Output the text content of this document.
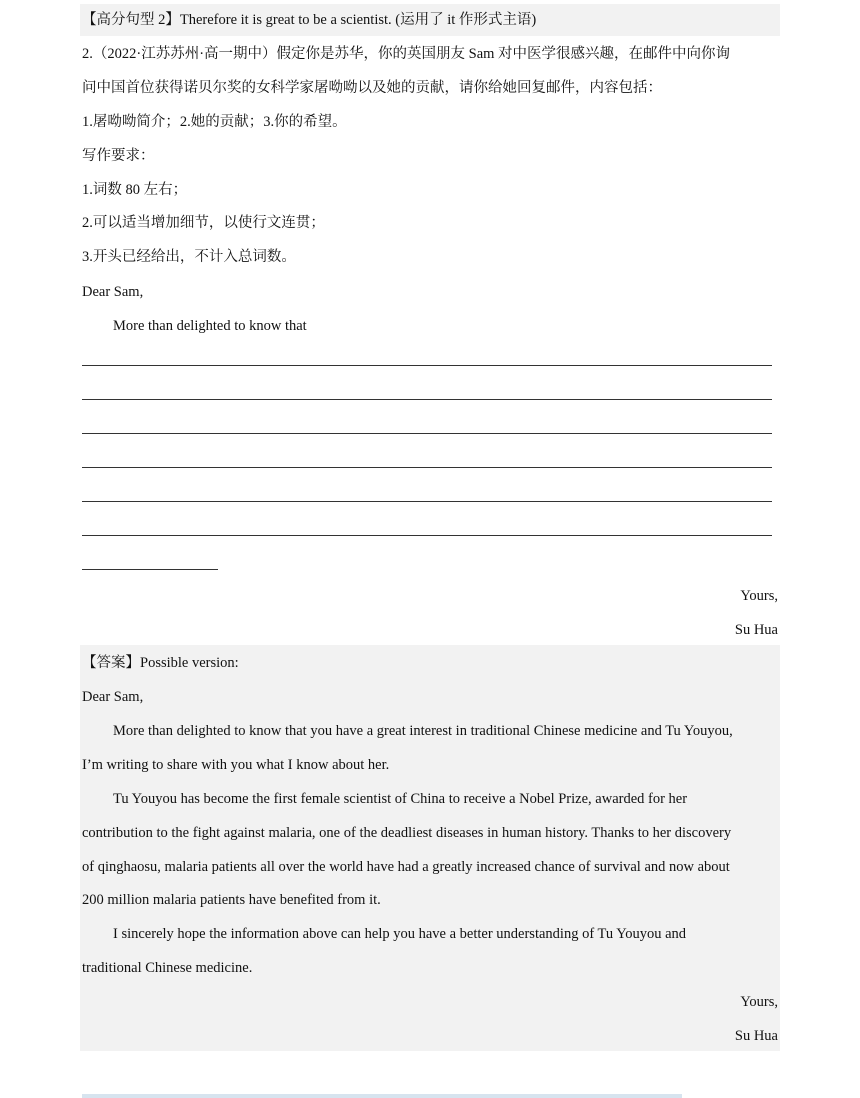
【高分句型 2】Therefore it is great to be a scientist. (运用了 it 作形式主语)
2.（2022·江苏苏州·高一期中）假定你是苏华，你的英国朋友 Sam 对中医学很感兴趣，在邮件中向你询
问中国首位获得诺贝尔奖的女科学家屠呦呦以及她的贡献，请你给她回复邮件，内容包括：
1.屠呦呦简介；2.她的贡献；3.你的希望。
写作要求：
1.词数 80 左右；
2.可以适当增加细节，以使行文连贯；
3.开头已经给出，不计入总词数。
Dear Sam,
More than delighted to know that
Yours,
Su Hua
【答案】Possible version:
Dear Sam,
More than delighted to know that you have a great interest in traditional Chinese medicine and Tu Youyou,
I’m writing to share with you what I know about her.
Tu Youyou has become the first female scientist of China to receive a Nobel Prize, awarded for her
contribution to the fight against malaria, one of the deadliest diseases in human history. Thanks to her discovery
of qinghaosu, malaria patients all over the world have had a greatly increased chance of survival and now about
200 million malaria patients have benefited from it.
I sincerely hope the information above can help you have a better understanding of Tu Youyou and
traditional Chinese medicine.
Yours,
Su Hua
